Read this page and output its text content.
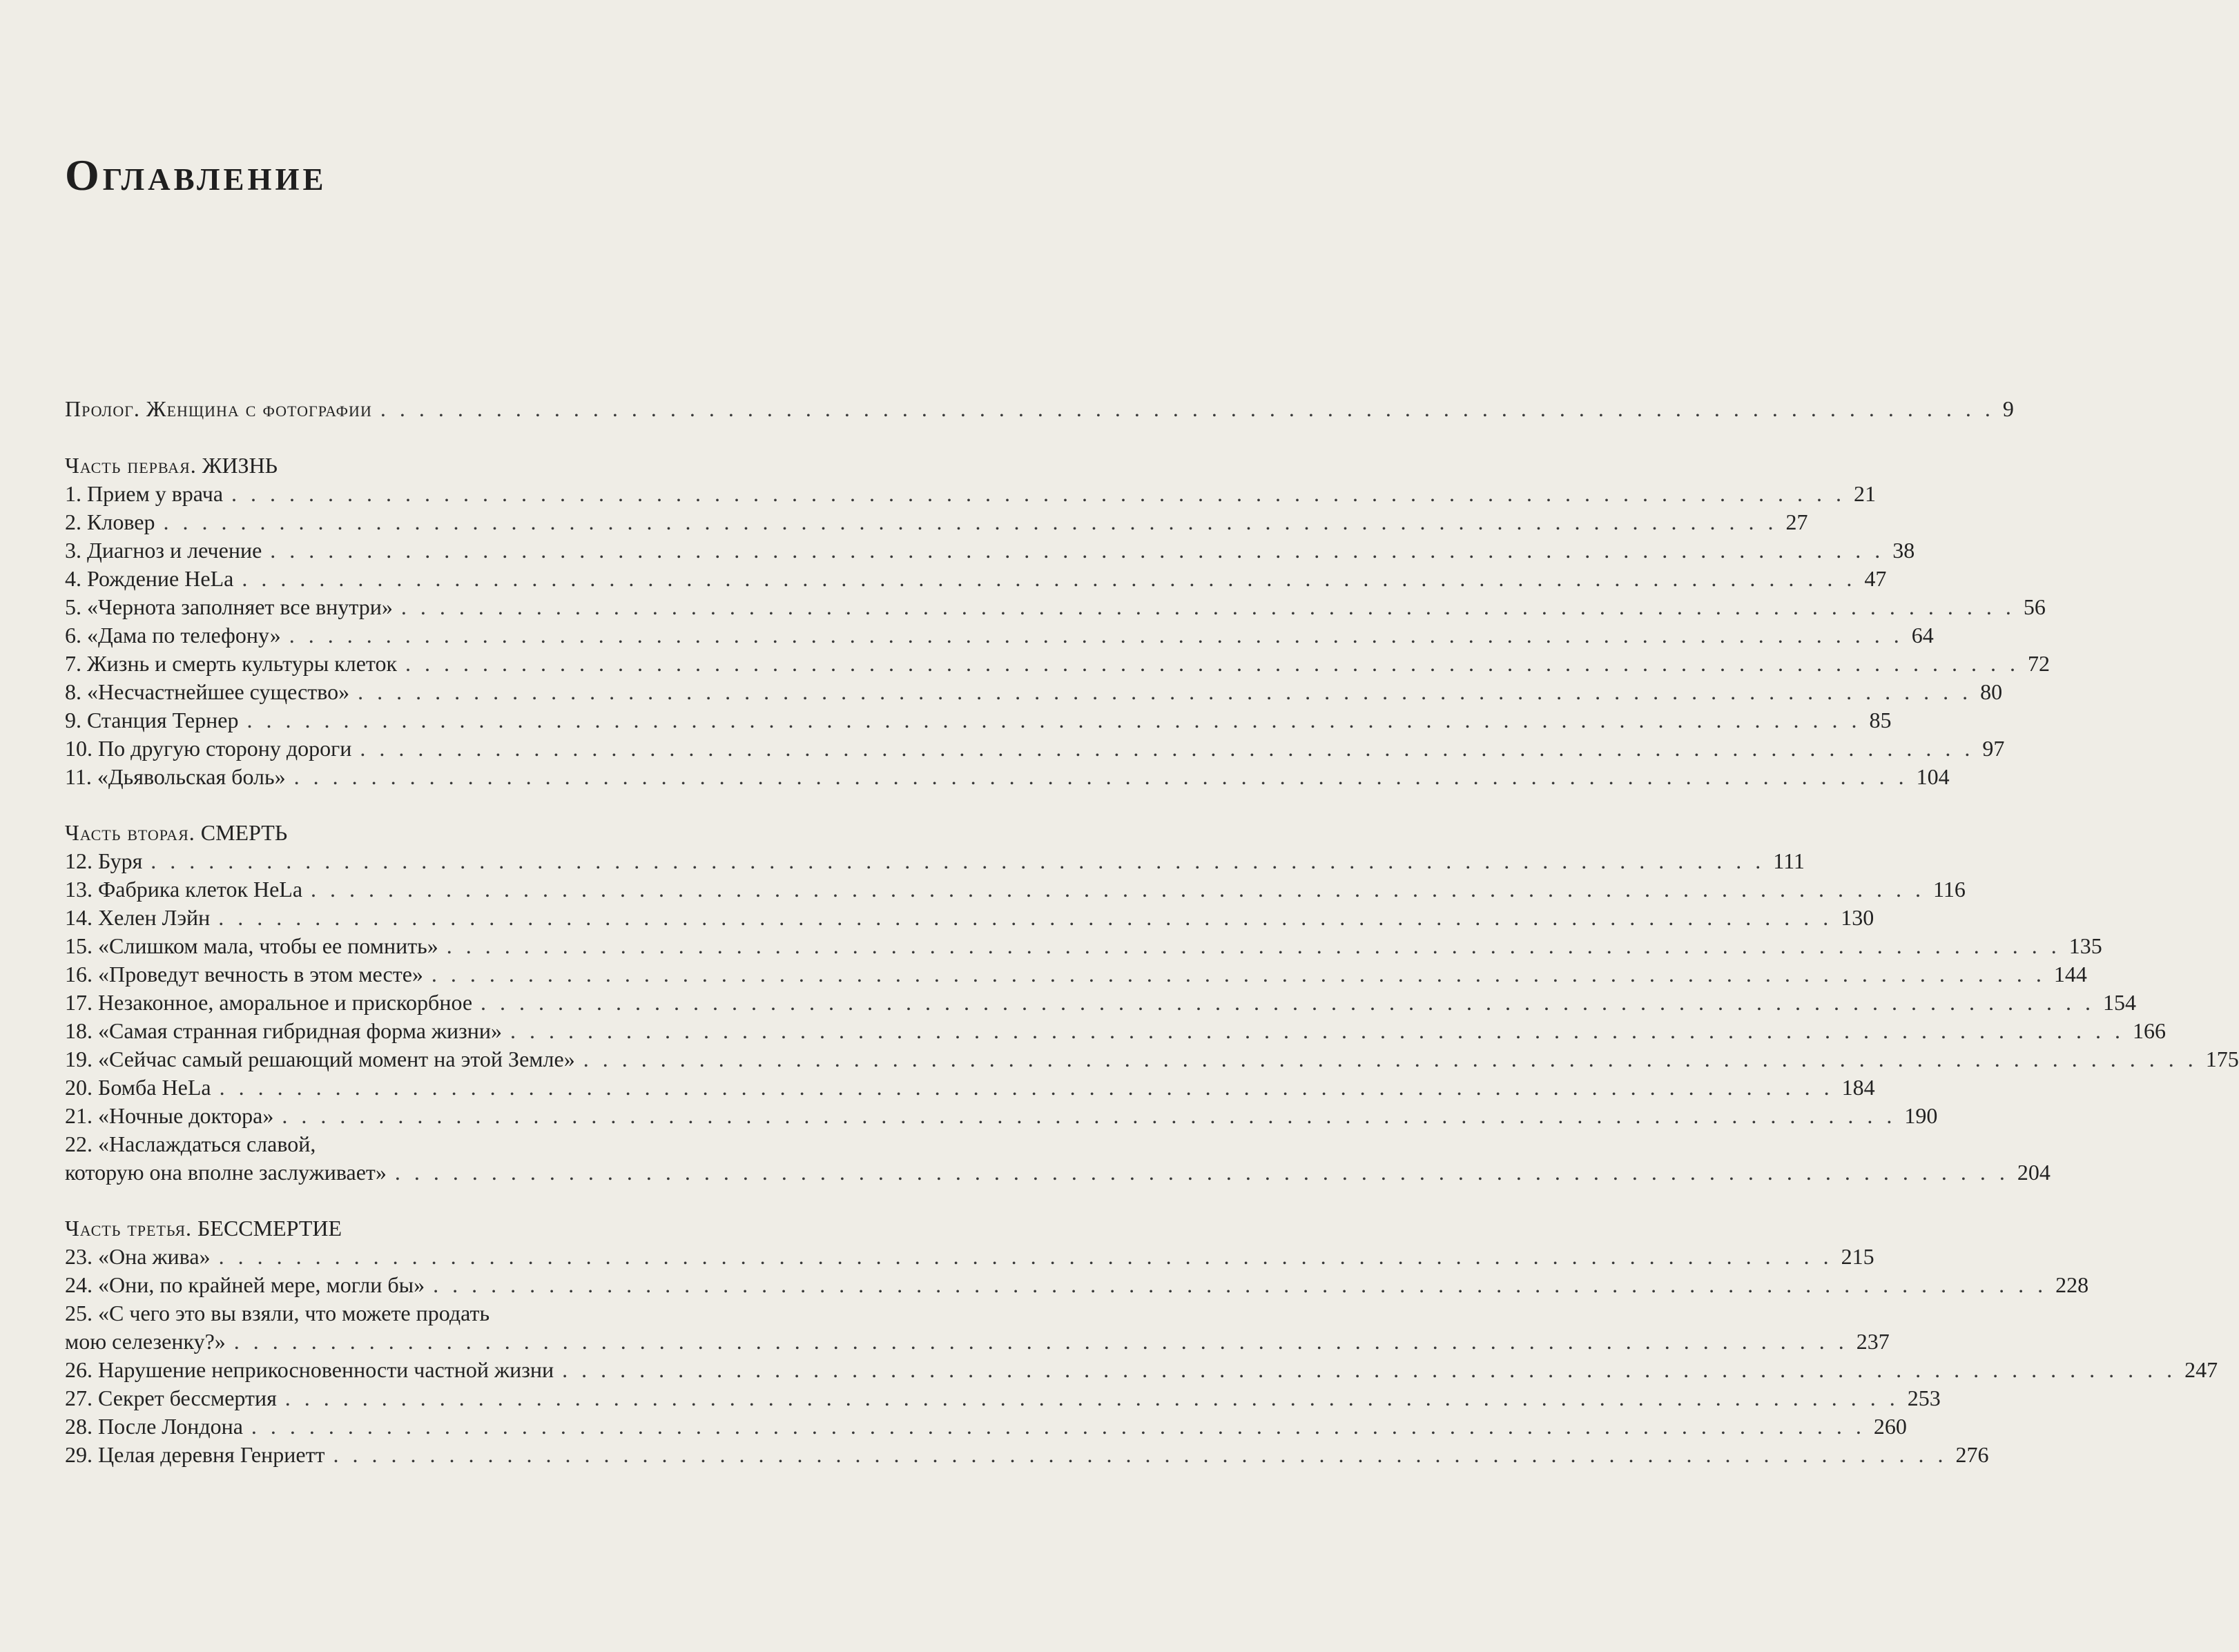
Оглавление
Пролог. Женщина с фотографии . . . . . . . . . . . . . . . . . . . . . . . . . . . . . . . . . . . . . . . . . . . . . . . . . . . . . . . . . . . . . . . . . . . . . . . . . . . . . . . . . . . . 9
Часть первая. ЖИЗНЬ
1. Прием у врача . . . . . . . . . . . . . . . . . . . . . . . . . . . . . . . . . . . . . . . . . . . . . . . . . . . . . . . . . . . . . . . . . . . . . . . . . . . . . . . . . . . . 21
2. Кловер . . . . . . . . . . . . . . . . . . . . . . . . . . . . . . . . . . . . . . . . . . . . . . . . . . . . . . . . . . . . . . . . . . . . . . . . . . . . . . . . . . . . 27
3. Диагноз и лечение . . . . . . . . . . . . . . . . . . . . . . . . . . . . . . . . . . . . . . . . . . . . . . . . . . . . . . . . . . . . . . . . . . . . . . . . . . . . . . . . . . . . 38
4. Рождение HeLa . . . . . . . . . . . . . . . . . . . . . . . . . . . . . . . . . . . . . . . . . . . . . . . . . . . . . . . . . . . . . . . . . . . . . . . . . . . . . . . . . . . . 47
5. «Чернота заполняет все внутри» . . . . . . . . . . . . . . . . . . . . . . . . . . . . . . . . . . . . . . . . . . . . . . . . . . . . . . . . . . . . . . . . . . . . . . . . . . . . . . . . . . . . 56
6. «Дама по телефону» . . . . . . . . . . . . . . . . . . . . . . . . . . . . . . . . . . . . . . . . . . . . . . . . . . . . . . . . . . . . . . . . . . . . . . . . . . . . . . . . . . . . 64
7. Жизнь и смерть культуры клеток . . . . . . . . . . . . . . . . . . . . . . . . . . . . . . . . . . . . . . . . . . . . . . . . . . . . . . . . . . . . . . . . . . . . . . . . . . . . . . . . . . . . 72
8. «Несчастнейшее существо» . . . . . . . . . . . . . . . . . . . . . . . . . . . . . . . . . . . . . . . . . . . . . . . . . . . . . . . . . . . . . . . . . . . . . . . . . . . . . . . . . . . . 80
9. Станция Тернер . . . . . . . . . . . . . . . . . . . . . . . . . . . . . . . . . . . . . . . . . . . . . . . . . . . . . . . . . . . . . . . . . . . . . . . . . . . . . . . . . . . . 85
10. По другую сторону дороги . . . . . . . . . . . . . . . . . . . . . . . . . . . . . . . . . . . . . . . . . . . . . . . . . . . . . . . . . . . . . . . . . . . . . . . . . . . . . . . . . . . . 97
11. «Дьявольская боль» . . . . . . . . . . . . . . . . . . . . . . . . . . . . . . . . . . . . . . . . . . . . . . . . . . . . . . . . . . . . . . . . . . . . . . . . . . . . . . . . . . . . 104
Часть вторая. СМЕРТЬ
12. Буря . . . . . . . . . . . . . . . . . . . . . . . . . . . . . . . . . . . . . . . . . . . . . . . . . . . . . . . . . . . . . . . . . . . . . . . . . . . . . . . . . . . . 111
13. Фабрика клеток HeLa . . . . . . . . . . . . . . . . . . . . . . . . . . . . . . . . . . . . . . . . . . . . . . . . . . . . . . . . . . . . . . . . . . . . . . . . . . . . . . . . . . . . 116
14. Хелен Лэйн . . . . . . . . . . . . . . . . . . . . . . . . . . . . . . . . . . . . . . . . . . . . . . . . . . . . . . . . . . . . . . . . . . . . . . . . . . . . . . . . . . . . 130
15. «Слишком мала, чтобы ее помнить» . . . . . . . . . . . . . . . . . . . . . . . . . . . . . . . . . . . . . . . . . . . . . . . . . . . . . . . . . . . . . . . . . . . . . . . . . . . . . . . . . . . . 135
16. «Проведут вечность в этом месте» . . . . . . . . . . . . . . . . . . . . . . . . . . . . . . . . . . . . . . . . . . . . . . . . . . . . . . . . . . . . . . . . . . . . . . . . . . . . . . . . . . . . 144
17. Незаконное, аморальное и прискорбное . . . . . . . . . . . . . . . . . . . . . . . . . . . . . . . . . . . . . . . . . . . . . . . . . . . . . . . . . . . . . . . . . . . . . . . . . . . . . . . . . . . . 154
18. «Самая странная гибридная форма жизни» . . . . . . . . . . . . . . . . . . . . . . . . . . . . . . . . . . . . . . . . . . . . . . . . . . . . . . . . . . . . . . . . . . . . . . . . . . . . . . . . . . . . 166
19. «Сейчас самый решающий момент на этой Земле» . . . . . . . . . . . . . . . . . . . . . . . . . . . . . . . . . . . . . . . . . . . . . . . . . . . . . . . . . . . . . . . . . . . . . . . . . . . . . . . . . . . . 175
20. Бомба HeLa . . . . . . . . . . . . . . . . . . . . . . . . . . . . . . . . . . . . . . . . . . . . . . . . . . . . . . . . . . . . . . . . . . . . . . . . . . . . . . . . . . . . 184
21. «Ночные доктора» . . . . . . . . . . . . . . . . . . . . . . . . . . . . . . . . . . . . . . . . . . . . . . . . . . . . . . . . . . . . . . . . . . . . . . . . . . . . . . . . . . . . 190
22. «Наслаждаться славой,
которую она вполне заслуживает» . . . . . . . . . . . . . . . . . . . . . . . . . . . . . . . . . . . . . . . . . . . . . . . . . . . . . . . . . . . . . . . . . . . . . . . . . . . . . . . . . . . . 204
Часть третья. БЕССМЕРТИЕ
23. «Она жива» . . . . . . . . . . . . . . . . . . . . . . . . . . . . . . . . . . . . . . . . . . . . . . . . . . . . . . . . . . . . . . . . . . . . . . . . . . . . . . . . . . . . 215
24. «Они, по крайней мере, могли бы» . . . . . . . . . . . . . . . . . . . . . . . . . . . . . . . . . . . . . . . . . . . . . . . . . . . . . . . . . . . . . . . . . . . . . . . . . . . . . . . . . . . . 228
25. «С чего это вы взяли, что можете продать
мою селезенку?» . . . . . . . . . . . . . . . . . . . . . . . . . . . . . . . . . . . . . . . . . . . . . . . . . . . . . . . . . . . . . . . . . . . . . . . . . . . . . . . . . . . . 237
26. Нарушение неприкосновенности частной жизни . . . . . . . . . . . . . . . . . . . . . . . . . . . . . . . . . . . . . . . . . . . . . . . . . . . . . . . . . . . . . . . . . . . . . . . . . . . . . . . . . . . . 247
27. Секрет бессмертия . . . . . . . . . . . . . . . . . . . . . . . . . . . . . . . . . . . . . . . . . . . . . . . . . . . . . . . . . . . . . . . . . . . . . . . . . . . . . . . . . . . . 253
28. После Лондона . . . . . . . . . . . . . . . . . . . . . . . . . . . . . . . . . . . . . . . . . . . . . . . . . . . . . . . . . . . . . . . . . . . . . . . . . . . . . . . . . . . . 260
29. Целая деревня Генриетт . . . . . . . . . . . . . . . . . . . . . . . . . . . . . . . . . . . . . . . . . . . . . . . . . . . . . . . . . . . . . . . . . . . . . . . . . . . . . . . . . . . . 276
